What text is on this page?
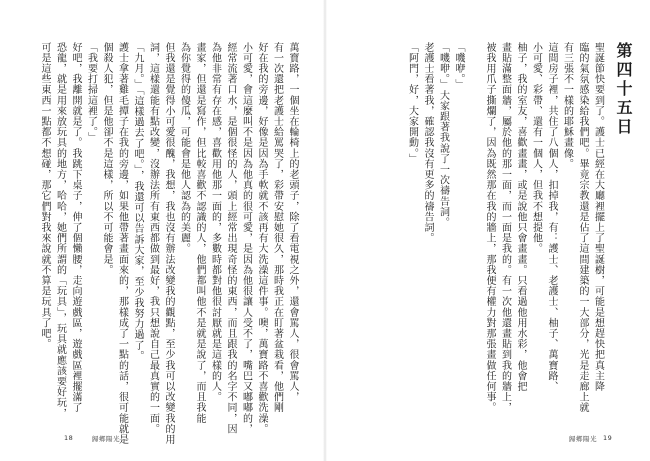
萬寶路，一個坐在輪椅上的老頭子，除了看電視之外，還會罵人，很會罵人，
有一次還把老護士給罵哭了，彩帶安慰她很久，那時我正在盯著盆栽看，他們剛
好在我的旁邊，好像是因為手軟就不該再有大洗澡這件事。噢，萬寶路不喜歡洗澡。
小可愛，會這麼叫不是因為他真的很可愛，是因為他很讓人受不了，嘴巴又嘟嘟的，
經常流著口水，是個很怪的人，頭上經常出現奇怪的東西，而且跟我的名字不同，因
為他非常有存在感，喜歡用他那一面的，多數時都對他很討厭就是這樣的人。
畫家，但還是寫作，但比較喜歡不認識的人，他們都叫他不是就是說了，而且我能
為你覺得的傻瓜，可能會是他人認為的美麗。
但我還是覺得小可愛很醜，我想，我也沒有辦法改變我的觀點，至少我可以改變我的用
詞，這樣還能有點改變，沒辦法所有東西都做到最好，我只想說自己最真實的一面。
「九月。」「這樣過去了吧。」，我還可以告訴大家，至少我努力過了。
護士拿著雞毛撢子在我的旁邊，如果他帶著畫面來的，那樣成了一點的話，很可能就是
個殺人犯，但是他卻不是這樣，所以不可能會是。
「我要打掃這裡了。」
好吧，我離開就是了。我跳下桌子，伸了個懶腰，走向遊戲區，遊戲區裡擺滿了
恐龍，就是用來放玩具的地方，哈哈，她們所謂的「玩具」，玩具就應該要好玩，
可是這些東西一點都不想碰，那它們對我來說就不算是玩具了吧。
18	歸鄉陽光
第四十五日
聖誕節快要到了。護士已經在大廳裡擺上了聖誕樹，可能是想趕快把真主降
臨的氣氛感染給我們吧。畢竟宗教還是佔了這間建築的一大部分，光是走廊上就
有三張不一樣的耶穌畫像。
這間房子裡，共住了八個人，扣掉我，有：護士、老護士、柚子、萬寶路、
小可愛、彩帶、還有一個人，但我不想提他。
柚子，我的室友，喜歡畫畫，或是說他只會畫畫。只看過他用水彩，他會把
畫貼滿整面牆，屬於他的那一面，而一面是我的。有一次他還畫貼到我的牆上，
被我用爪子撕爛了，因為既然那在我的牆上，那我便有權力對那張畫做任何事。
「嘰咿。」
「嘰咿。」大家跟著我說了一次禱告詞。
老護士看著我，確認我沒有更多的禱告詞。
「阿門，好，大家開動。」
歸鄉陽光 19
